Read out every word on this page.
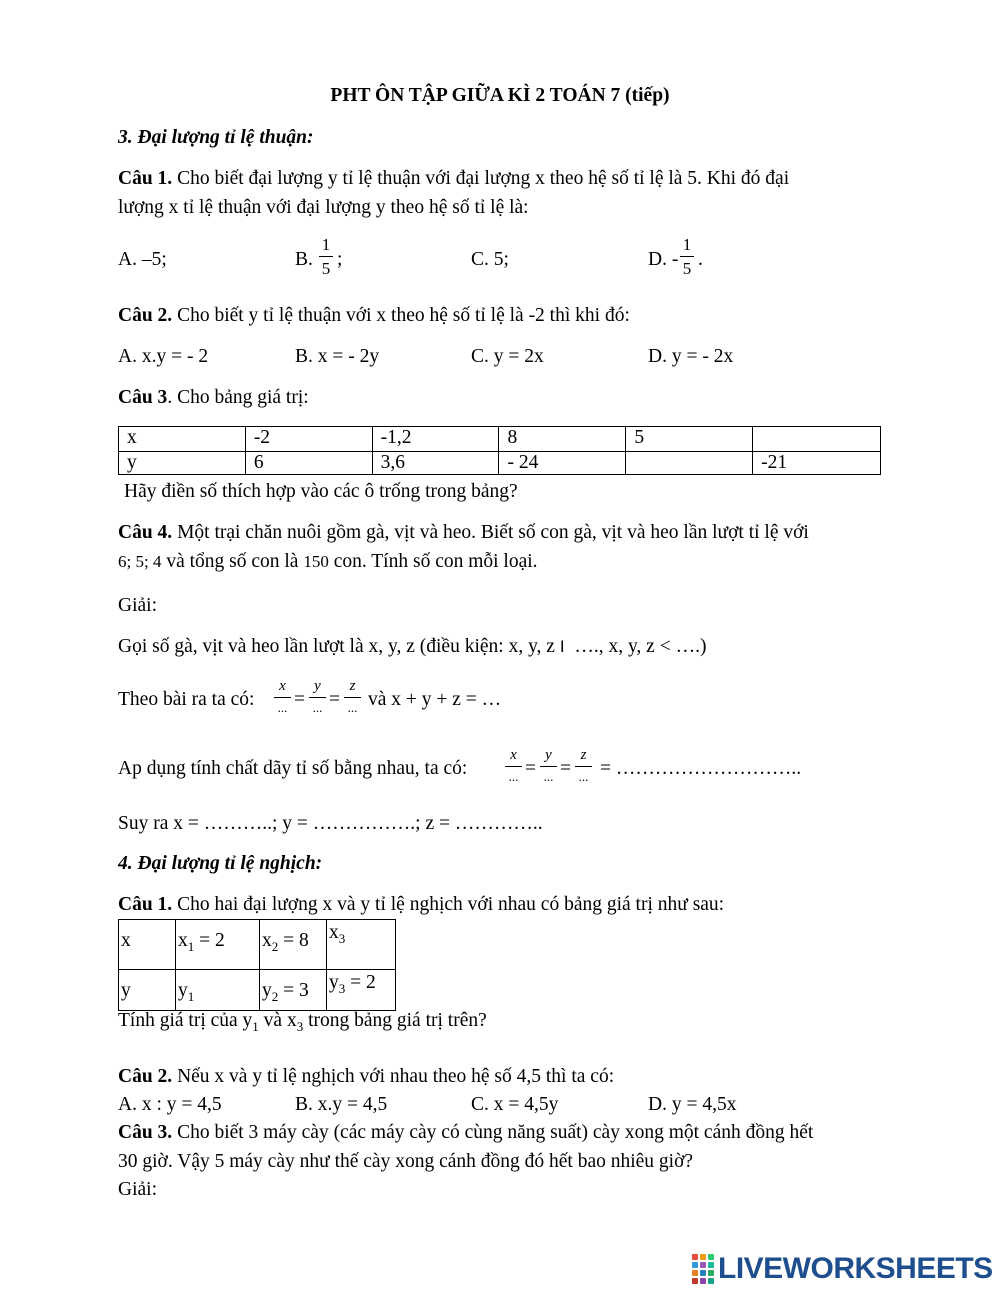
PHT ÔN TẬP GIỮA KÌ 2 TOÁN 7 (tiếp)
3. Đại lượng tỉ lệ thuận:
Câu 1. Cho biết đại lượng y tỉ lệ thuận với đại lượng x theo hệ số tỉ lệ là 5. Khi đó đại
lượng x tỉ lệ thuận với đại lượng y theo hệ số tỉ lệ là:
A. –5;	B. $\frac{1}{5}$ ;	C. 5;	D. - $\frac{1}{5}$ .
Câu 2. Cho biết y tỉ lệ thuận với x theo hệ số tỉ lệ là -2 thì khi đó:
A. x.y = - 2	B. x = - 2y	C. y = 2x	D. y = - 2x
Câu 3. Cho bảng giá trị:
x	-2	-1,2	8	5	
y	6	3,6	- 24		-21
Hãy điền số thích hợp vào các ô trống trong bảng?
Câu 4. Một trại chăn nuôi gồm gà, vịt và heo. Biết số con gà, vịt và heo lần lượt tỉ lệ với
6; 5; 4 và tổng số con là 150 con. Tính số con mỗi loại.
Giải:
Gọi số gà, vịt và heo lần lượt là x, y, z (điều kiện: x, y, z I …., x, y, z < ….)
Theo bài ra ta có:
x
... =
y
... =
z
... và x + y + z = …
Ap dụng tính chất dãy tỉ số bằng nhau, ta có:
x
... =
y
... =
z
... = ………………………..
Suy ra x = ………..; y = …………….; z = …………..
4. Đại lượng tỉ lệ nghịch:
Câu 1. Cho hai đại lượng x và y tỉ lệ nghịch với nhau có bảng giá trị như sau:
x	$x_1 = 2$	$x_2 = 8$	$x_3$
y	$y_1$	$y_2 = 3$	$y_3 = 2$
Tính giá trị của $y_1$ và $x_3$ trong bảng giá trị trên?
Câu 2. Nếu x và y tỉ lệ nghịch với nhau theo hệ số 4,5 thì ta có:
A. x : y = 4,5	B. x.y = 4,5	C. x = 4,5y	D. y = 4,5x
Câu 3. Cho biết 3 máy cày (các máy cày có cùng năng suất) cày xong một cánh đồng hết
30 giờ. Vậy 5 máy cày như thế cày xong cánh đồng đó hết bao nhiêu giờ?
Giải:
LIVEWORKSHEETS
